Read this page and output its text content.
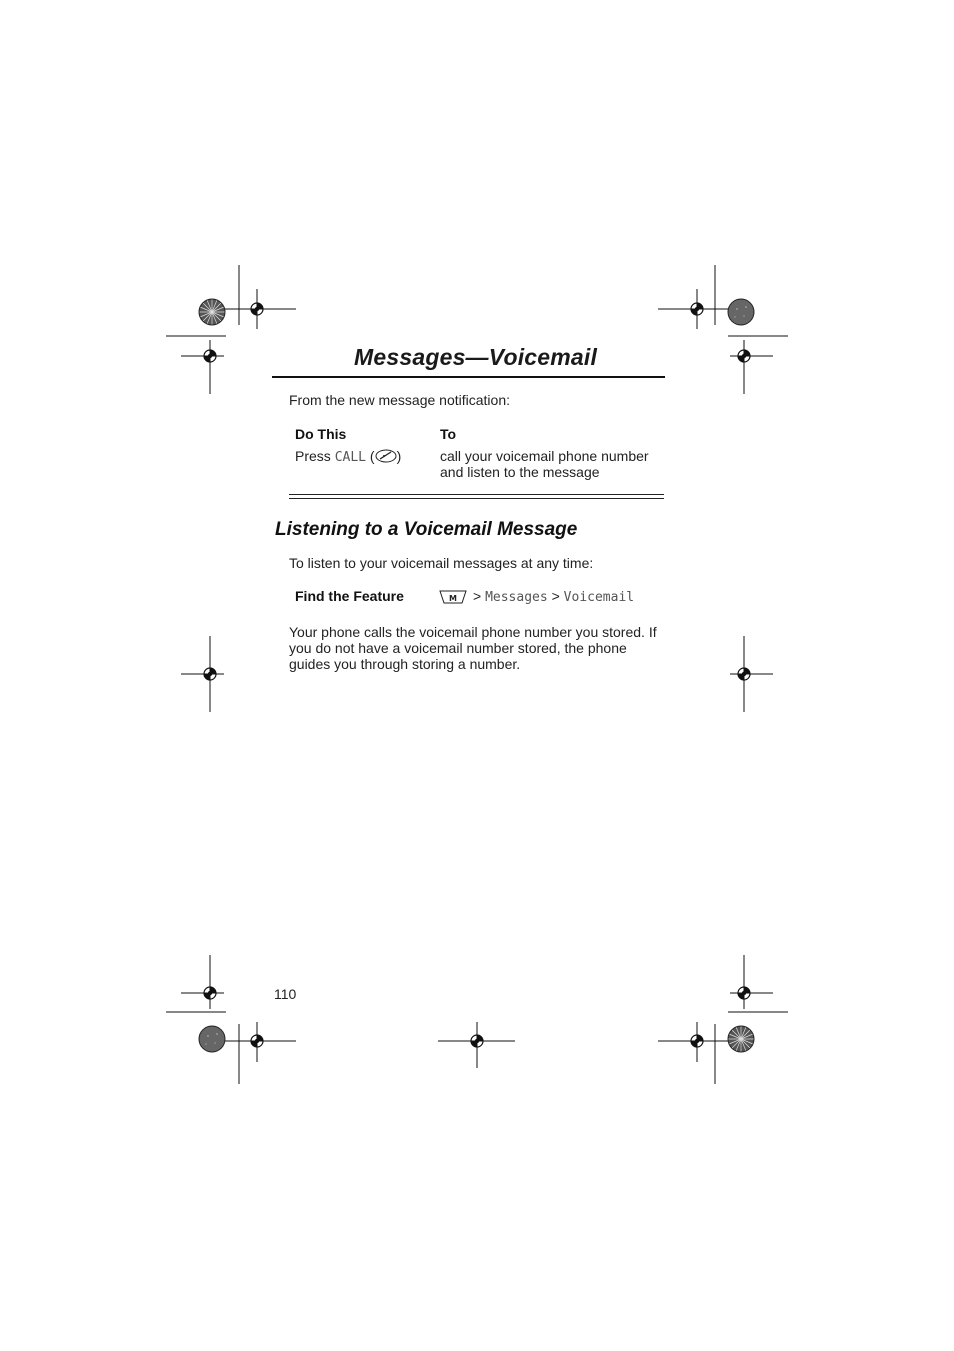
Messages—Voicemail
From the new message notification:
Do This	To
Press CALL ( )	call your voicemail phone number and listen to the message
Listening to a Voicemail Message
To listen to your voicemail messages at any time:
Find the Feature	M > Messages > Voicemail
Your phone calls the voicemail phone number you stored. If you do not have a voicemail number stored, the phone guides you through storing a number.
110
